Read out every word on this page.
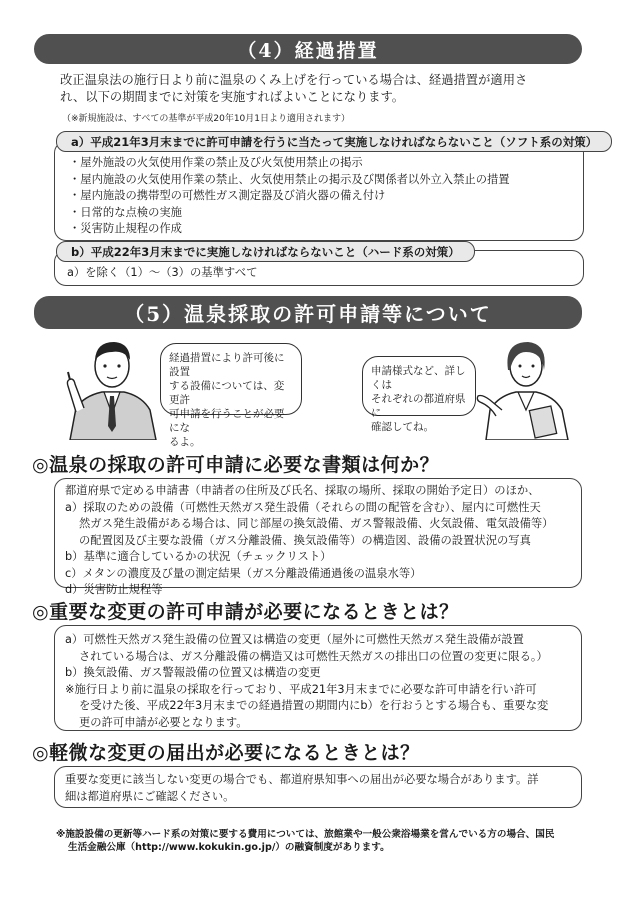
（4）経過措置
改正温泉法の施行日より前に温泉のくみ上げを行っている場合は、経過措置が適用さ
れ、以下の期間までに対策を実施すればよいことになります。
（※新規施設は、すべての基準が平成20年10月1日より適用されます）
a）平成21年3月末までに許可申請を行うに当たって実施しなければならないこと（ソフト系の対策）
・屋外施設の火気使用作業の禁止及び火気使用禁止の掲示
・屋内施設の火気使用作業の禁止、火気使用禁止の掲示及び関係者以外立入禁止の措置
・屋内施設の携帯型の可燃性ガス測定器及び消火器の備え付け
・日常的な点検の実施
・災害防止規程の作成
b）平成22年3月末までに実施しなければならないこと（ハード系の対策）

a）を除く（1）～（3）の基準すべて

（5）温泉採取の許可申請等について
経過措置により許可後に設置
する設備については、変更許
可申請を行うことが必要にな
るよ。
申請様式など、詳しくは
それぞれの都道府県に
確認してね。
◎温泉の採取の許可申請に必要な書類は何か？
都道府県で定める申請書（申請者の住所及び氏名、採取の場所、採取の開始予定日）のほか、
a）採取のための設備（可燃性天然ガス発生設備（それらの間の配管を含む）、屋内に可燃性天
然ガス発生設備がある場合は、同じ部屋の換気設備、ガス警報設備、火気設備、電気設備等）
の配置図及び主要な設備（ガス分離設備、換気設備等）の構造図、設備の設置状況の写真
b）基準に適合しているかの状況（チェックリスト）
c）メタンの濃度及び量の測定結果（ガス分離設備通過後の温泉水等）
d）災害防止規程等
◎重要な変更の許可申請が必要になるときとは？
a）可燃性天然ガス発生設備の位置又は構造の変更（屋外に可燃性天然ガス発生設備が設置
されている場合は、ガス分離設備の構造又は可燃性天然ガスの排出口の位置の変更に限る。）
b）換気設備、ガス警報設備の位置又は構造の変更
※施行日より前に温泉の採取を行っており、平成21年3月末までに必要な許可申請を行い許可
を受けた後、平成22年3月末までの経過措置の期間内にb）を行おうとする場合も、重要な変
更の許可申請が必要となります。
◎軽微な変更の届出が必要になるときとは？
重要な変更に該当しない変更の場合でも、都道府県知事への届出が必要な場合があります。詳
細は都道府県にご確認ください。
※施設設備の更新等ハード系の対策に要する費用については、旅館業や一般公衆浴場業を営んでいる方の場合、国民
生活金融公庫（http://www.kokukin.go.jp/）の融資制度があります。
